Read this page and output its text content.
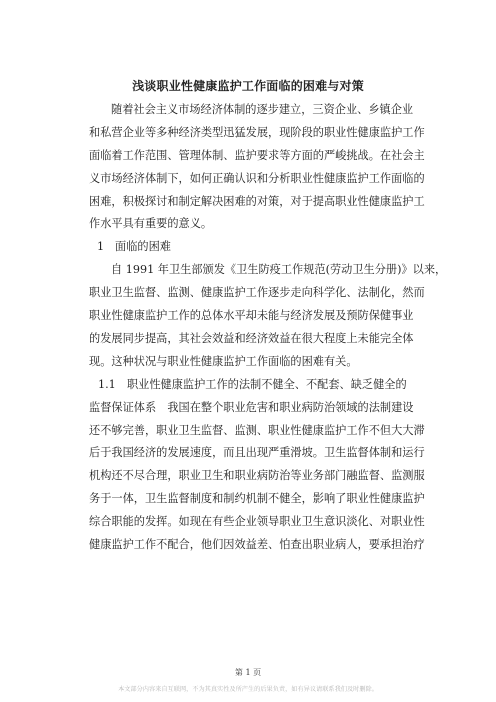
浅谈职业性健康监护工作面临的困难与对策
随着社会主义市场经济体制的逐步建立，三资企业、乡镇企业
和私营企业等多种经济类型迅猛发展，现阶段的职业性健康监护工作
面临着工作范围、管理体制、监护要求等方面的严峻挑战。在社会主
义市场经济体制下，如何正确认识和分析职业性健康监护工作面临的
困难，积极探讨和制定解决困难的对策，对于提高职业性健康监护工
作水平具有重要的意义。
1 面临的困难
自 1991 年卫生部颁发《卫生防疫工作规范(劳动卫生分册)》以来，
职业卫生监督、监测、健康监护工作逐步走向科学化、法制化，然而
职业性健康监护工作的总体水平却未能与经济发展及预防保健事业
的发展同步提高，其社会效益和经济效益在很大程度上未能完全体
现。这种状况与职业性健康监护工作面临的困难有关。
1.1　职业性健康监护工作的法制不健全、不配套、缺乏健全的
监督保证体系　我国在整个职业危害和职业病防治领域的法制建设
还不够完善，职业卫生监督、监测、职业性健康监护工作不但大大滞
后于我国经济的发展速度，而且出现严重滑坡。卫生监督体制和运行
机构还不尽合理，职业卫生和职业病防治等业务部门融监督、监测服
务于一体，卫生监督制度和制约机制不健全，影响了职业性健康监护
综合职能的发挥。如现在有些企业领导职业卫生意识淡化、对职业性
健康监护工作不配合，他们因效益差、怕查出职业病人，要承担治疗
第 1 页
本文部分内容来自互联网，不为其真实性及所产生的后果负责，如有异议请联系我们及时删除。
